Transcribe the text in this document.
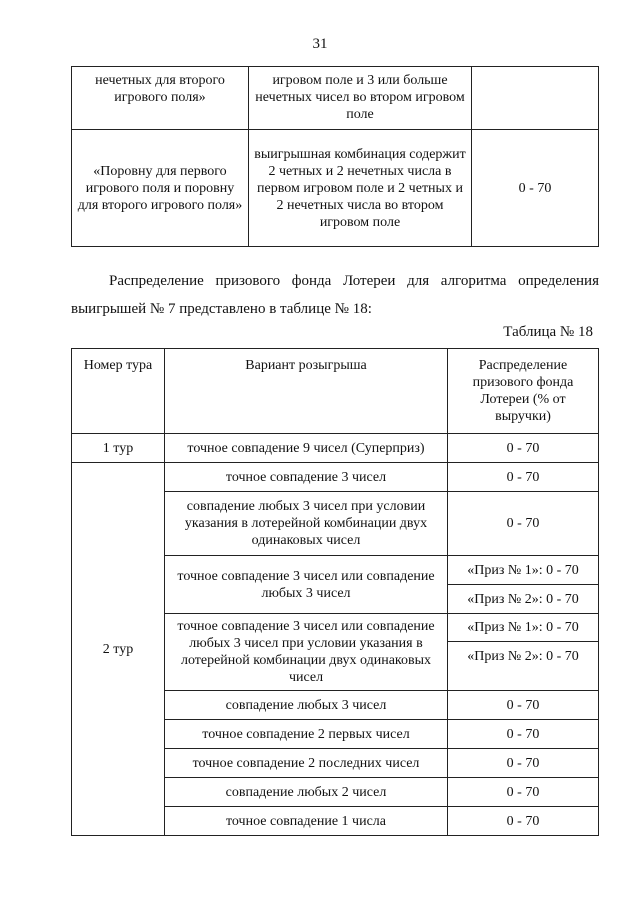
31
нечетных для второго игрового поля»	игровом поле и 3 или больше нечетных чисел во втором игровом поле	
«Поровну для первого игрового поля и поровну для второго игрового поля»	выигрышная комбинация содержит 2 четных и 2 нечетных числа в первом игровом поле и 2 четных и 2 нечетных числа во втором игровом поле	0 - 70
Распределение призового фонда Лотереи для алгоритма определения
выигрышей № 7 представлено в таблице № 18:
Таблица № 18
Номер тура	Вариант розыгрыша	Распределение призового фонда Лотереи (% от выручки)
1 тур	точное совпадение 9 чисел (Суперприз)	0 - 70
2 тур	точное совпадение 3 чисел	0 - 70
	совпадение любых 3 чисел при условии указания в лотерейной комбинации двух одинаковых чисел	0 - 70
	точное совпадение 3 чисел или совпадение любых 3 чисел	«Приз № 1»: 0 - 70
		«Приз № 2»: 0 - 70
	точное совпадение 3 чисел или совпадение любых 3 чисел при условии указания в лотерейной комбинации двух одинаковых чисел	«Приз № 1»: 0 - 70
		«Приз № 2»: 0 - 70
	совпадение любых 3 чисел	0 - 70
	точное совпадение 2 первых чисел	0 - 70
	точное совпадение 2 последних чисел	0 - 70
	совпадение любых 2 чисел	0 - 70
	точное совпадение 1 числа	0 - 70
